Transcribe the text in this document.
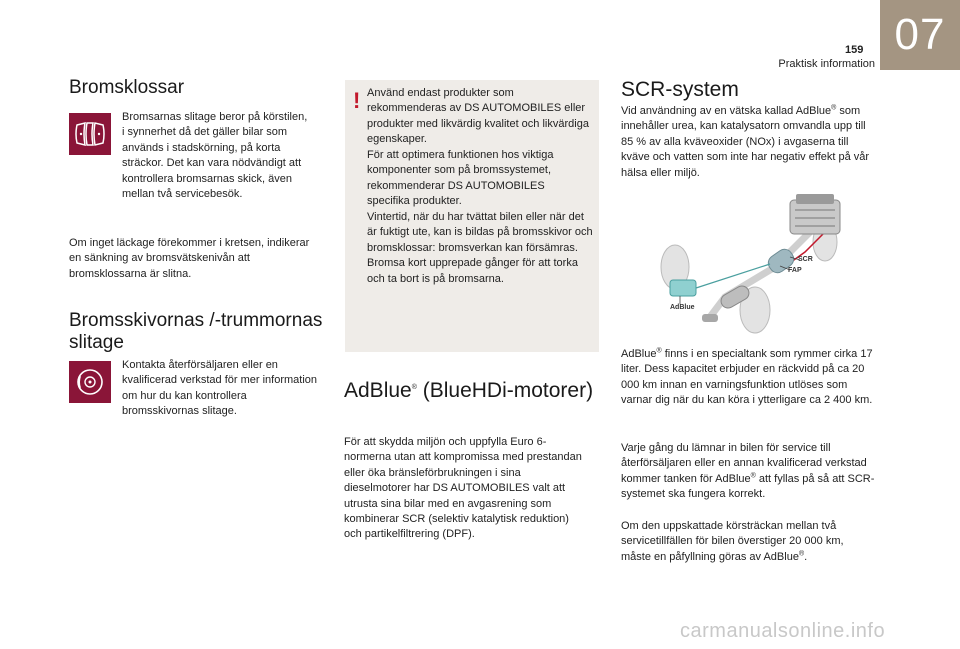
159
Praktisk information
07
Bromsklossar

Bromsarnas slitage beror på körstilen, i synnerhet då det gäller bilar som används i stadskörning, på korta sträckor. Det kan vara nödvändigt att kontrollera bromsarnas skick, även mellan två servicebesök.

Om inget läckage förekommer i kretsen, indikerar en sänkning av bromsvätskenivån att bromsklossarna är slitna.

Bromsskivornas /-trummornas slitage

Kontakta återförsäljaren eller en kvalificerad verkstad för mer information om hur du kan kontrollera bromsskivornas slitage.

! Använd endast produkter som rekommenderas av DS AUTOMOBILES eller produkter med likvärdig kvalitet och likvärdiga egenskaper.

För att optimera funktionen hos viktiga komponenter som på bromssystemet, rekommenderar DS AUTOMOBILES specifika produkter.

Vintertid, när du har tvättat bilen eller när det är fuktigt ute, kan is bildas på bromsskivor och bromsklossar: bromsverkan kan försämras. Bromsa kort upprepade gånger för att torka och ta bort is på bromsarna.

AdBlue® (BlueHDi-motorer)

För att skydda miljön och uppfylla Euro 6-normerna utan att kompromissa med prestandan eller öka bränsleförbrukningen i sina dieselmotorer har DS AUTOMOBILES valt att utrusta sina bilar med en avgasrening som kombinerar SCR (selektiv katalytisk reduktion) och partikelfiltrering (DPF).

SCR-system

Vid användning av en vätska kallad AdBlue® som innehåller urea, kan katalysatorn omvandla upp till 85 % av alla kväveoxider (NOx) i avgaserna till kväve och vatten som inte har negativ effekt på vår hälsa eller miljö.

SCR
FAP
AdBlue

AdBlue® finns i en specialtank som rymmer cirka 17 liter. Dess kapacitet erbjuder en räckvidd på ca 20 000 km innan en varningsfunktion utlöses som varnar dig när du kan köra i ytterligare ca 2 400 km.

Varje gång du lämnar in bilen för service till återförsäljaren eller en annan kvalificerad verkstad kommer tanken för AdBlue® att fyllas på så att SCR-systemet ska fungera korrekt.

Om den uppskattade körsträckan mellan två servicetillfällen för bilen överstiger 20 000 km, måste en påfyllning göras av AdBlue®.

carmanualsonline.info
